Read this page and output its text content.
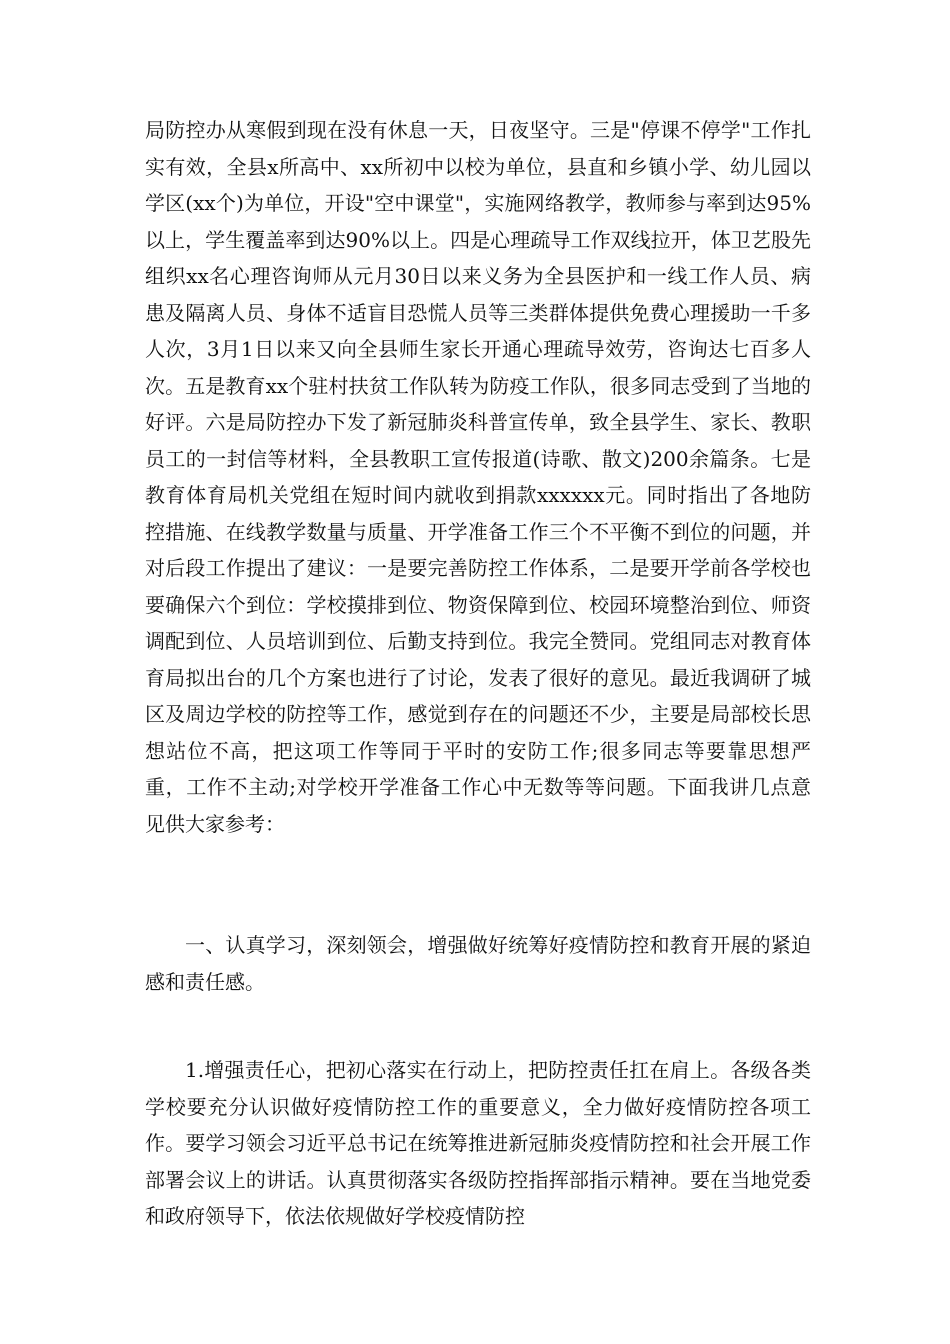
局防控办从寒假到现在没有休息一天，日夜坚守。三是"停课不停学"工作扎实有效，全县x所高中、xx所初中以校为单位，县直和乡镇小学、幼儿园以学区(xx个)为单位，开设"空中课堂"，实施网络教学，教师参与率到达95%以上，学生覆盖率到达90%以上。四是心理疏导工作双线拉开，体卫艺股先组织xx名心理咨询师从元月30日以来义务为全县医护和一线工作人员、病患及隔离人员、身体不适盲目恐慌人员等三类群体提供免费心理援助一千多人次，3月1日以来又向全县师生家长开通心理疏导效劳，咨询达七百多人次。五是教育xx个驻村扶贫工作队转为防疫工作队，很多同志受到了当地的好评。六是局防控办下发了新冠肺炎科普宣传单，致全县学生、家长、教职员工的一封信等材料，全县教职工宣传报道(诗歌、散文)200余篇条。七是教育体育局机关党组在短时间内就收到捐款xxxxxx元。同时指出了各地防控措施、在线教学数量与质量、开学准备工作三个不平衡不到位的问题，并对后段工作提出了建议：一是要完善防控工作体系，二是要开学前各学校也要确保六个到位：学校摸排到位、物资保障到位、校园环境整治到位、师资调配到位、人员培训到位、后勤支持到位。我完全赞同。党组同志对教育体育局拟出台的几个方案也进行了讨论，发表了很好的意见。最近我调研了城区及周边学校的防控等工作，感觉到存在的问题还不少，主要是局部校长思想站位不高，把这项工作等同于平时的安防工作;很多同志等要靠思想严重，工作不主动;对学校开学准备工作心中无数等等问题。下面我讲几点意见供大家参考：

一、认真学习，深刻领会，增强做好统筹好疫情防控和教育开展的紧迫感和责任感。

1.增强责任心，把初心落实在行动上，把防控责任扛在肩上。各级各类学校要充分认识做好疫情防控工作的重要意义，全力做好疫情防控各项工作。要学习领会习近平总书记在统筹推进新冠肺炎疫情防控和社会开展工作部署会议上的讲话。认真贯彻落实各级防控指挥部指示精神。要在当地党委和政府领导下，依法依规做好学校疫情防控
